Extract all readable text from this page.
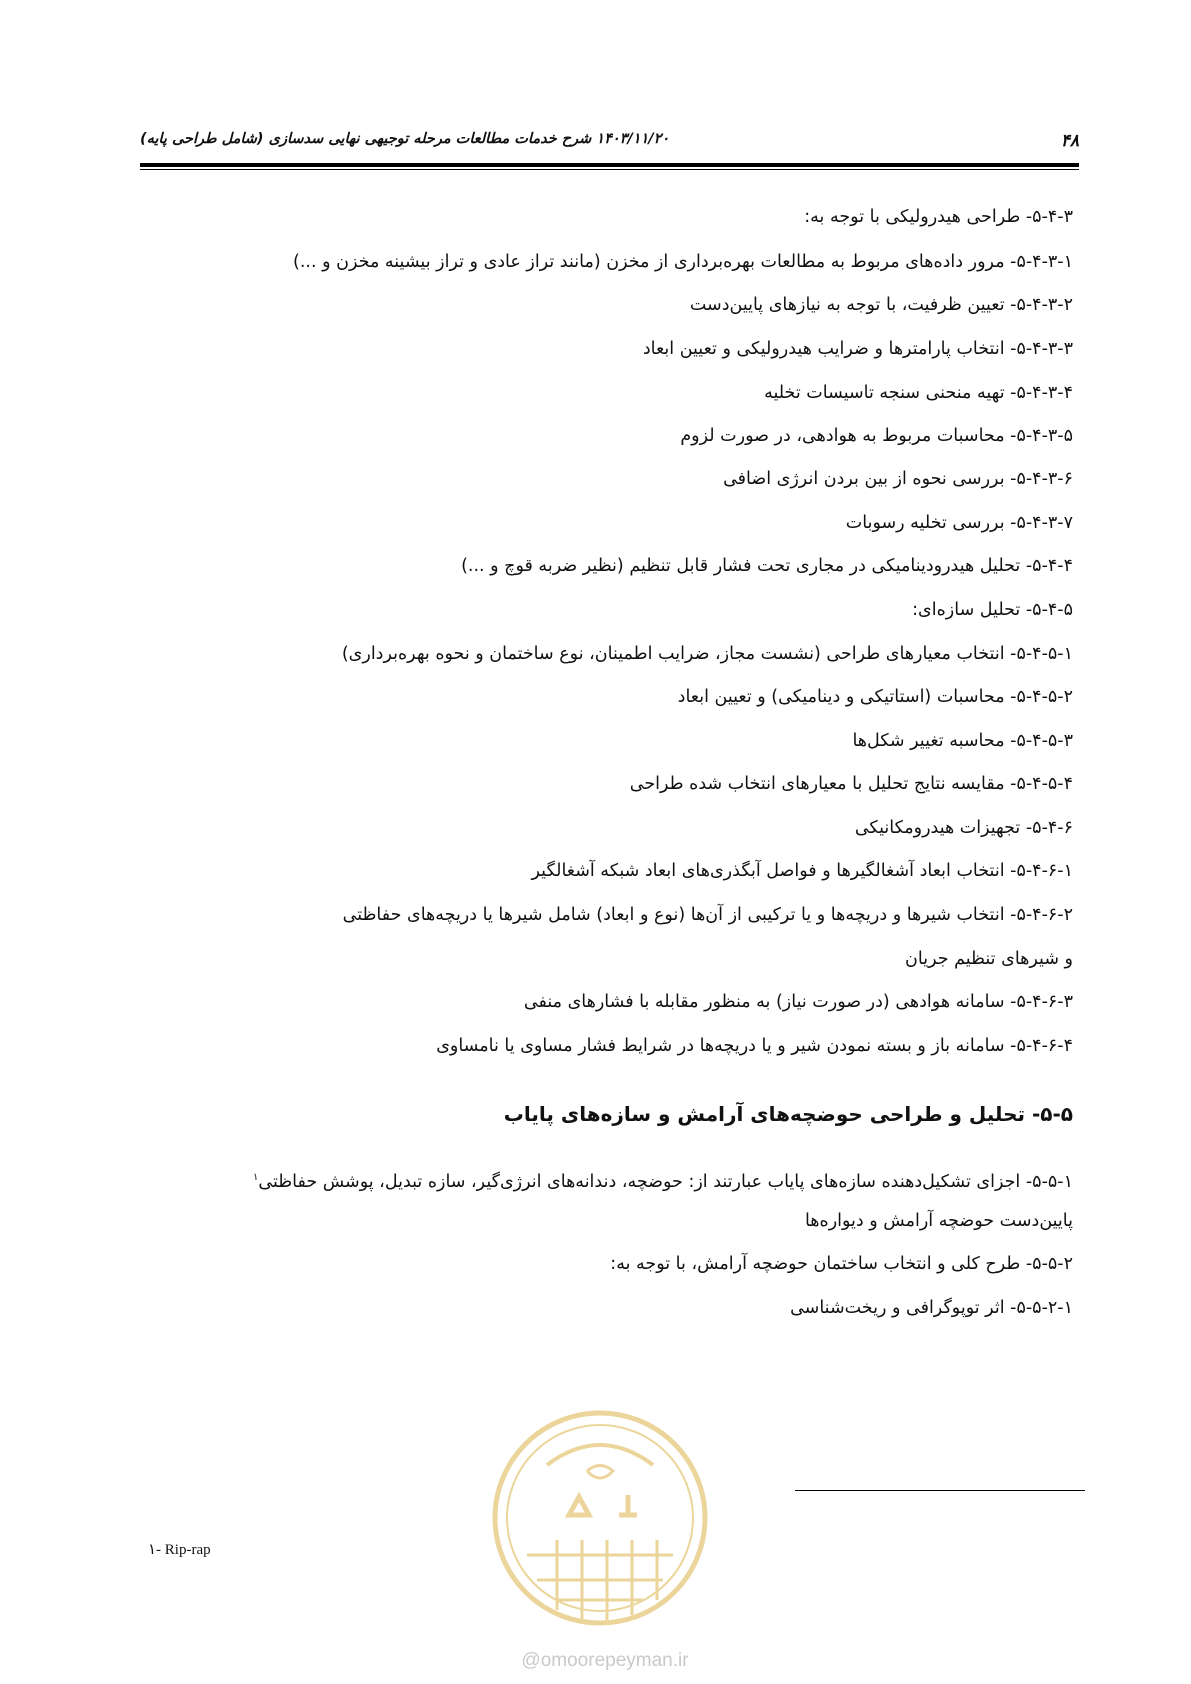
۴۸
۱۴۰۳/۱۱/۲۰ شرح خدمات مطالعات مرحله توجیهی نهایی سدسازی (شامل طراحی پایه)
۵-۴-۳- طراحی هیدرولیکی با توجه به:
۵-۴-۳-۱- مرور داده‌های مربوط به مطالعات بهره‌برداری از مخزن (مانند تراز عادی و تراز بیشینه مخزن و ...)
۵-۴-۳-۲- تعیین ظرفیت، با توجه به نیازهای پایین‌دست
۵-۴-۳-۳- انتخاب پارامترها و ضرایب هیدرولیکی و تعیین ابعاد
۵-۴-۳-۴- تهیه منحنی سنجه تاسیسات تخلیه
۵-۴-۳-۵- محاسبات مربوط به هوادهی، در صورت لزوم
۵-۴-۳-۶- بررسی نحوه از بین بردن انرژی اضافی
۵-۴-۳-۷- بررسی تخلیه رسوبات
۵-۴-۴- تحلیل هیدرودینامیکی در مجاری تحت فشار قابل تنظیم (نظیر ضربه قوچ و ...)
۵-۴-۵- تحلیل سازه‌ای:
۵-۴-۵-۱- انتخاب معیارهای طراحی (نشست مجاز، ضرایب اطمینان، نوع ساختمان و نحوه بهره‌برداری)
۵-۴-۵-۲- محاسبات (استاتیکی و دینامیکی) و تعیین ابعاد
۵-۴-۵-۳- محاسبه تغییر شکل‌ها
۵-۴-۵-۴- مقایسه نتایج تحلیل با معیارهای انتخاب شده طراحی
۵-۴-۶- تجهیزات هیدرومکانیکی
۵-۴-۶-۱- انتخاب ابعاد آشغالگیرها و فواصل آبگذری‌های ابعاد شبکه آشغالگیر
۵-۴-۶-۲- انتخاب شیرها و دریچه‌ها و یا ترکیبی از آن‌ها (نوع و ابعاد) شامل شیرها یا دریچه‌های حفاظتی
و شیرهای تنظیم جریان
۵-۴-۶-۳- سامانه هوادهی (در صورت نیاز) به منظور مقابله با فشارهای منفی
۵-۴-۶-۴- سامانه باز و بسته نمودن شیر و یا دریچه‌ها در شرایط فشار مساوی یا نامساوی
۵-۵- تحلیل و طراحی حوضچه‌های آرامش و سازه‌های پایاب
۵-۵-۱- اجزای تشکیل‌دهنده سازه‌های پایاب عبارتند از: حوضچه، دندانه‌های انرژی‌گیر، سازه تبدیل، پوشش حفاظتی$^۱$
پایین‌دست حوضچه آرامش و دیواره‌ها
۵-۵-۲- طرح کلی و انتخاب ساختمان حوضچه آرامش، با توجه به:
۵-۵-۲-۱- اثر توپوگرافی و ریخت‌شناسی
۱- Rip-rap
@omoorepeyman.ir
